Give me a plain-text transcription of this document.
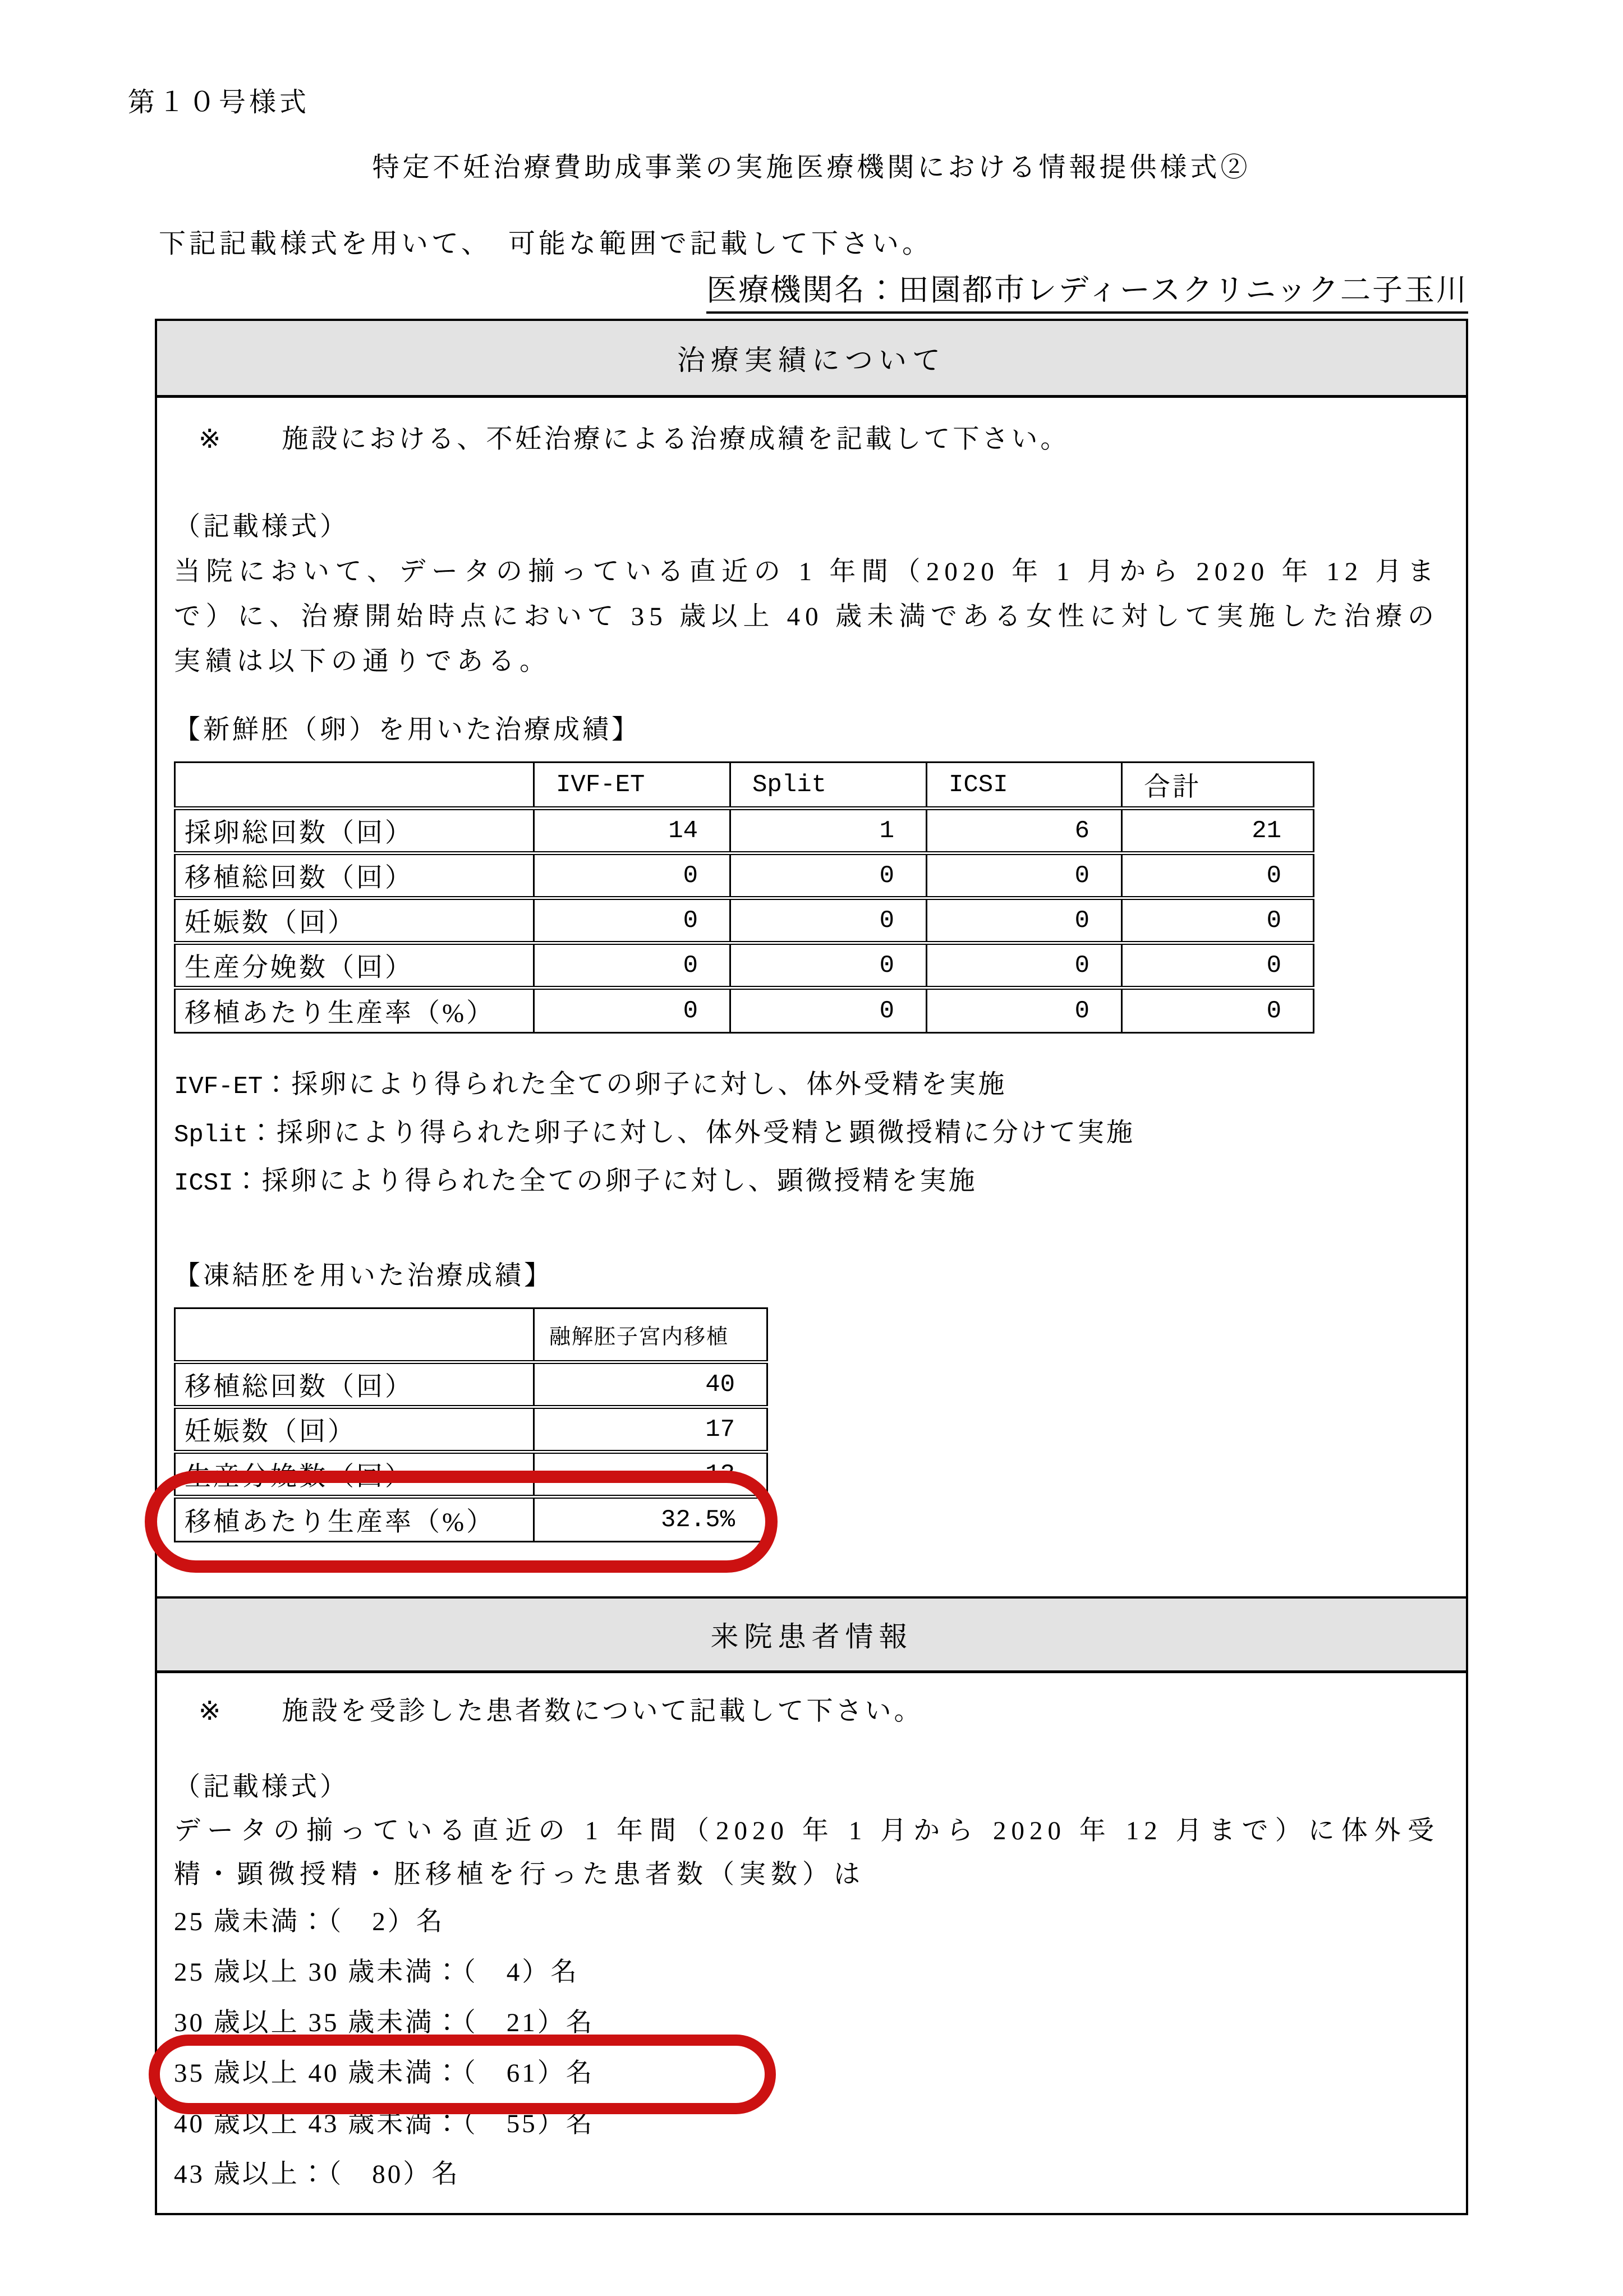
第１０号様式
特定不妊治療費助成事業の実施医療機関における情報提供様式②
下記記載様式を用いて、　可能な範囲で記載して下さい。
医療機関名：田園都市レディースクリニック二子玉川
治療実績について
※ 施設における、不妊治療による治療成績を記載して下さい。
（記載様式）
当院において、データの揃っている直近の 1 年間（2020 年 1 月から 2020 年 12 月まで）に、治療開始時点において 35 歳以上 40 歳未満である女性に対して実施した治療の実績は以下の通りである。
【新鮮胚（卵）を用いた治療成績】
	IVF-ET	Split	ICSI	合計
採卵総回数（回）	14	1	6	21
移植総回数（回）	0	0	0	0
妊娠数（回）	0	0	0	0
生産分娩数（回）	0	0	0	0
移植あたり生産率（%）	0	0	0	0
IVF-ET：採卵により得られた全ての卵子に対し、体外受精を実施
Split：採卵により得られた卵子に対し、体外受精と顕微授精に分けて実施
ICSI：採卵により得られた全ての卵子に対し、顕微授精を実施
【凍結胚を用いた治療成績】
	融解胚子宮内移植
移植総回数（回）	40
妊娠数（回）	17
生産分娩数（回）	13

移植あたり生産率（%）	32.5%
来院患者情報
※ 施設を受診した患者数について記載して下さい。
（記載様式）
データの揃っている直近の 1 年間（2020 年 1 月から 2020 年 12 月まで）に体外受精・顕微授精・胚移植を行った患者数（実数）は
25 歳未満：（　2）名
25 歳以上 30 歳未満：（　4）名
30 歳以上 35 歳未満：（　21）名
35 歳以上 40 歳未満：（　61）名
40 歳以上 43 歳未満：（　55）名
43 歳以上：（　80）名
